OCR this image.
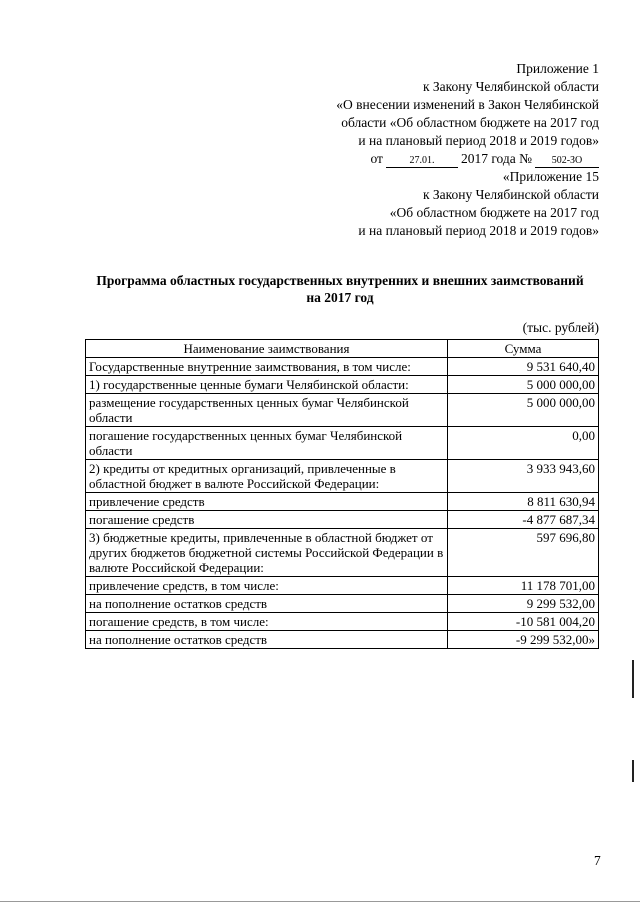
Приложение 1
к Закону Челябинской области
«О внесении изменений в Закон Челябинской
области «Об областном бюджете на 2017 год
и на плановый период 2018 и 2019 годов»
от	27.01.	2017 года №	502-ЗО
«Приложение 15
к Закону Челябинской области
«Об областном бюджете на 2017 год
и на плановый период 2018 и 2019 годов»
Программа областных государственных внутренних и внешних заимствований
на 2017 год
(тыс. рублей)
Наименование заимствования	Сумма
Государственные внутренние заимствования, в том числе:	9 531 640,40
1) государственные ценные бумаги Челябинской области:	5 000 000,00
размещение государственных ценных бумаг Челябинской области	5 000 000,00
погашение государственных ценных бумаг Челябинской области	0,00
2) кредиты от кредитных организаций, привлеченные в областной бюджет в валюте Российской Федерации:	3 933 943,60
привлечение средств	8 811 630,94
погашение средств	-4 877 687,34
3) бюджетные кредиты, привлеченные в областной бюджет от других бюджетов бюджетной системы Российской Федерации в валюте Российской Федерации:	597 696,80
привлечение средств, в том числе:	11 178 701,00
на пополнение остатков средств	9 299 532,00
погашение средств, в том числе:	-10 581 004,20
на пополнение остатков средств	-9 299 532,00»
7
